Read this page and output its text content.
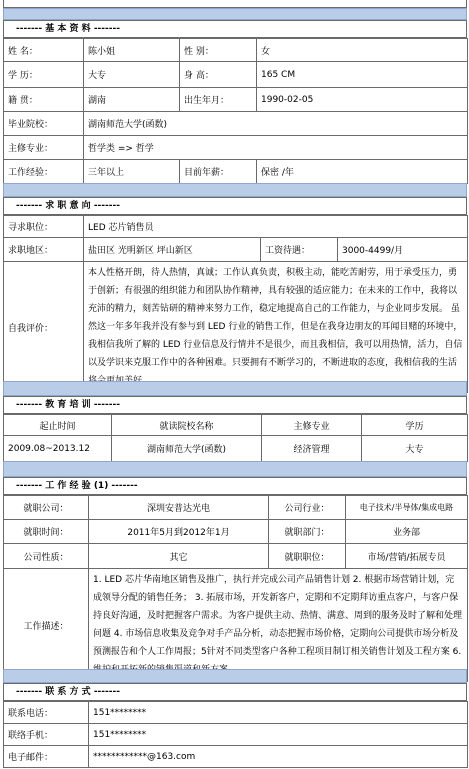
------- 基 本 资 料 -------
姓 名：	陈小姐	性 别：	女
学 历：	大专	身 高：	165 CM
籍 贯：	湖南	出生年月：	1990-02-05
毕业院校：	湖南师范大学(函数)		
主修专业：	哲学类 => 哲学		
工作经验：	三年以上	目前年薪：	保密 /年
------- 求 职 意 向 -------
寻求职位：	LED 芯片销售员		
求职地区：	盐田区 光明新区 坪山新区	工资待遇：	3000-4499/月
自我评价：	本人性格开朗，待人热情，真诚；工作认真负责，积极主动，能吃苦耐劳，用于承受压力，勇于创新；有很强的组织能力和团队协作精神，具有较强的适应能力；在未来的工作中，我将以充沛的精力，刻苦钻研的精神来努力工作，稳定地提高自己的工作能力，与企业同步发展。 虽然这一年多年我并没有参与到 LED 行业的销售工作，但是在我身边朋友的耳闻目赌的环境中，我相信我所了解的 LED 行业信息及行情并不是很少，而且我相信，我可以用热情，活力，自信以及学识来克服工作中的各种困难。只要拥有不断学习的，不断进取的态度，我相信我的生活		
------- 教 育 培 训 -------
起止时间	就读院校名称	主修专业	学历
2009.08~2013.12	湖南师范大学(函数)	经济管理	大专
------- 工 作 经 验 (1) -------
就职公司：	深圳安普达光电	公司行业：	电子技术/半导体/集成电路
就职时间：	2011年5月到2012年1月	就职部门：	业务部
公司性质：	其它	就职职位：	市场/营销/拓展专员
工作描述：	1. LED 芯片华南地区销售及推广，执行并完成公司产品销售计划 2. 根据市场营销计划，完成领导分配的销售任务； 3. 拓展市场，开发新客户，定期和不定期拜访重点客户，与客户保持良好沟通，及时把握客户需求。为客户提供主动、热情、满意、周到的服务及时了解和处理问题 4. 市场信息收集及竞争对手产品分析，动态把握市场价格，定期向公司提供市场分析及预测报告和个人工作周报；5针对不同类型客户各种工程项目制订相关销售计划及工程方案 6.		
------- 联 系 方 式 -------
联系电话：	151********
联络手机：	151********
电子邮件：	************@163.com
